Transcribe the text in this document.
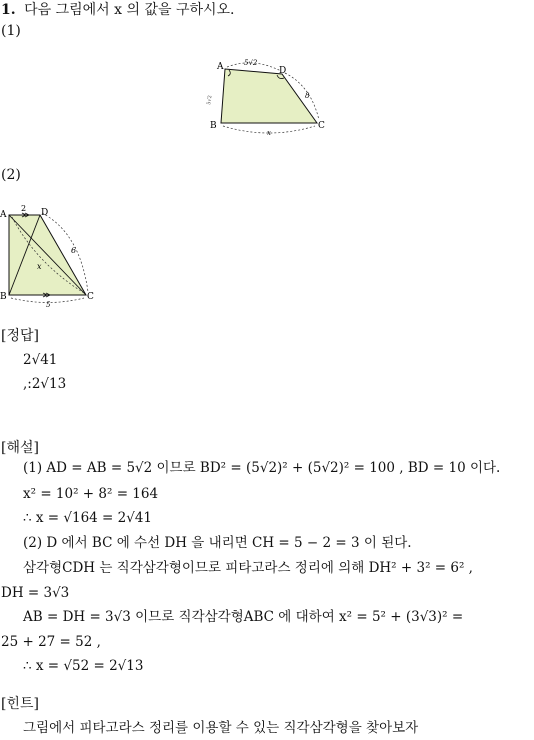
1. 다음 그림에서 x 의 값을 구하시오.
(1)
A	D
B	C
5√2
5√2	8
x
(2)
A	D
B	C
2
6
x
5
[정답]
2√41
,:2√13
[해설]
(1) AD = AB = 5√2 이므로 BD² = (5√2)² + (5√2)² = 100 , BD = 10 이다.
x² = 10² + 8² = 164
∴ x = √164 = 2√41
(2) D 에서 BC 에 수선 DH 을 내리면 CH = 5 − 2 = 3 이 된다.
삼각형CDH 는 직각삼각형이므로 피타고라스 정리에 의해 DH² + 3² = 6² ,
DH = 3√3
AB = DH = 3√3 이므로 직각삼각형ABC 에 대하여 x² = 5² + (3√3)² =
25 + 27 = 52 ,
∴ x = √52 = 2√13
[힌트]
그림에서 피타고라스 정리를 이용할 수 있는 직각삼각형을 찾아보자
